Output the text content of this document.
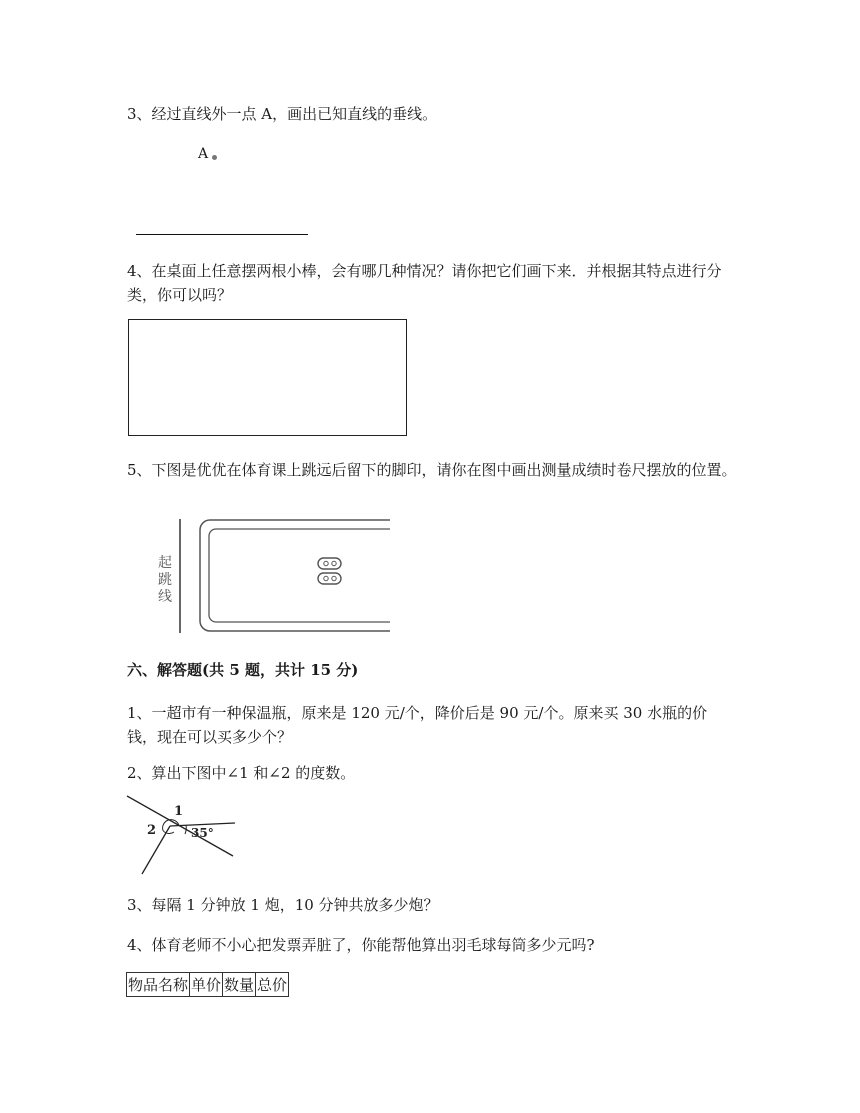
3、经过直线外一点 A，画出已知直线的垂线。

A

4、在桌面上任意摆两根小棒，会有哪几种情况？请你把它们画下来．并根据其特点进行分类，你可以吗？

5、下图是优优在体育课上跳远后留下的脚印，请你在图中画出测量成绩时卷尺摆放的位置。

起跳线

六、解答题(共 5 题，共计 15 分)

1、一超市有一种保温瓶，原来是 120 元/个，降价后是 90 元/个。原来买 30 水瓶的价钱，现在可以买多少个？

2、算出下图中∠1 和∠2 的度数。

1
2	35°

3、每隔 1 分钟放 1 炮，10 分钟共放多少炮？

4、体育老师不小心把发票弄脏了，你能帮他算出羽毛球每筒多少元吗?

物品名称	单价	数量	总价
